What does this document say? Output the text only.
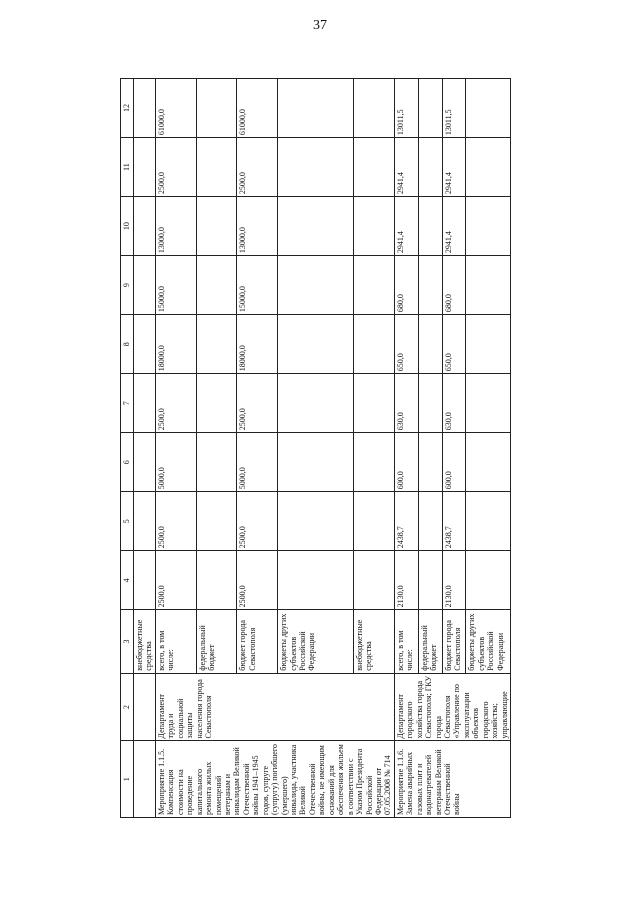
37
1	2	3	4	5	6	7	8	9	10	11	12
		внебюджетные средства									
Мероприятие 1.1.5. Компенсация стоимости на проведение капитального ремонта жилых помещений ветеранам и инвалидам Великой Отечественной войны 1941–1945 годов, супруге (супругу) погибшего (умершего) инвалида, участника Великой Отечественной войны, не имеющим оснований для обеспечения жильем в соответствии с Указом Президента Российской Федерации от 07.05.2008 № 714	Департамент труда и социальной защиты населения города Севастополя	всего, в том числе:	2500,0	2500,0	5000,0	2500,0	18000,0	15000,0	13000,0	2500,0	61000,0
		федеральный бюджет									
		бюджет города Севастополя	2500,0	2500,0	5000,0	2500,0	18000,0	15000,0	13000,0	2500,0	61000,0
		бюджеты других субъектов Российской Федерации									
		внебюджетные средства									
Мероприятие 1.1.6. Замена аварийных газовых плит и водонагревателей ветеранам Великой Отечественной войны	Департамент городского хозяйства города Севастополя; ГКУ города Севастополя «Управление по эксплуатации объектов городского хозяйства; управляющие	всего, в том числе:	2130,0	2438,7	600,0	630,0	650,0	680,0	2941,4	2941,4	13011,5
		федеральный бюджет									
		бюджет города Севастополя	2130,0	2438,7	600,0	630,0	650,0	680,0	2941,4	2941,4	13011,5
		бюджеты других субъектов Российской Федерации									
